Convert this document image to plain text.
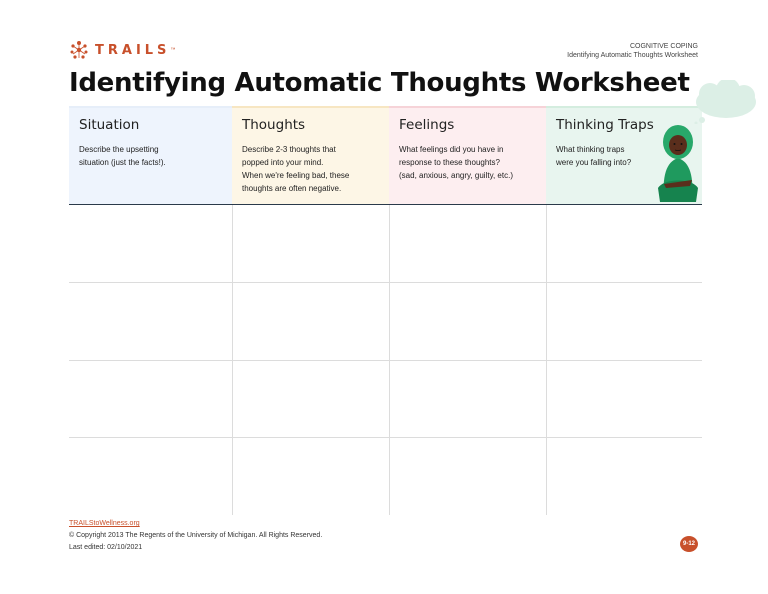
TRAILS ™	COGNITIVE COPING
Identifying Automatic Thoughts Worksheet
Identifying Automatic Thoughts Worksheet
Situation

Describe the upsetting
situation (just the facts!).

Thoughts

Describe 2-3 thoughts that
popped into your mind.
When we're feeling bad, these
thoughts are often negative.

Feelings

What feelings did you have in
response to these thoughts?
(sad, anxious, angry, guilty, etc.)

Thinking Traps

What thinking traps
were you falling into?

TRAILStoWellness.org
© Copyright 2013 The Regents of the University of Michigan. All Rights Reserved.
Last edited: 02/10/2021	9-12
